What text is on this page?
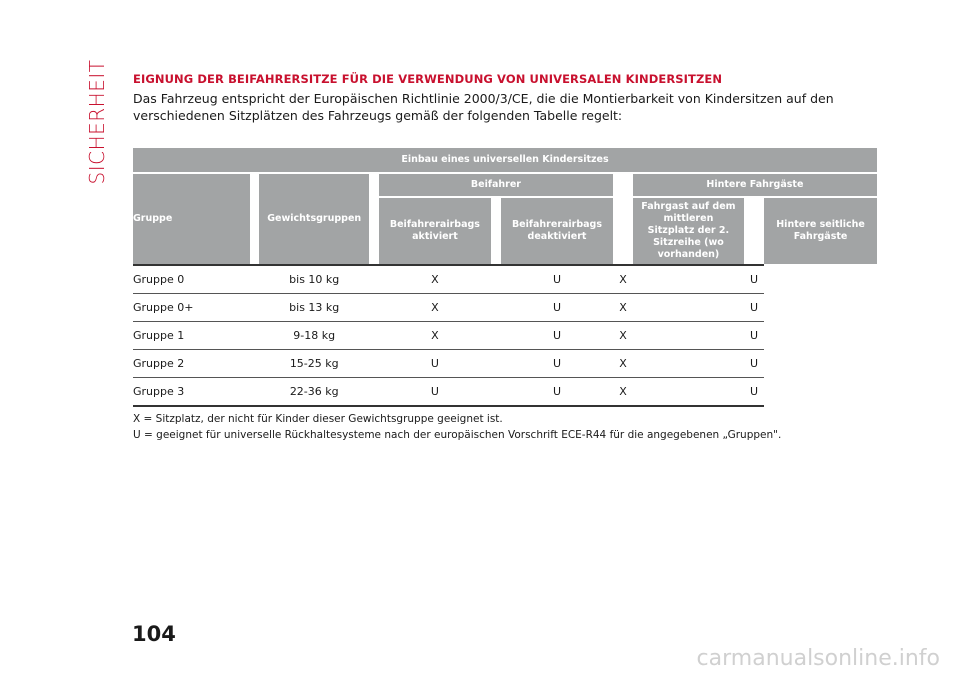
SICHERHEIT EIGNUNG DER BEIFAHRERSITZE FÜR DIE VERWENDUNG VON UNIVERSALEN KINDERSITZEN

Das Fahrzeug entspricht der Europäischen Richtlinie 2000/3/CE, die die Montierbarkeit von Kindersitzen auf den verschiedenen Sitzplätzen des Fahrzeugs gemäß der folgenden Tabelle regelt:

Einbau eines universellen Kindersitzes										
Gruppe		Gewichtsgruppen		Beifahrer				Hintere Fahrgäste		
				Beifahrerairbags aktiviert		Beifahrerairbags deaktiviert		Fahrgast auf dem mittleren Sitzplatz der 2. Sitzreihe (wo vorhanden)		Hintere seitliche Fahrgäste
Gruppe 0		bis 10 kg		X		U	X		U	
Gruppe 0+		bis 13 kg		X		U	X		U	
Gruppe 1		9-18 kg		X		U	X		U	
Gruppe 2		15-25 kg		U		U	X		U	
Gruppe 3		22-36 kg		U		U	X		U	
X = Sitzplatz, der nicht für Kinder dieser Gewichtsgruppe geeignet ist.
U = geeignet für universelle Rückhaltesysteme nach der europäischen Vorschrift ECE-R44 für die angegebenen „Gruppen".
104
carmanualsonline.info
